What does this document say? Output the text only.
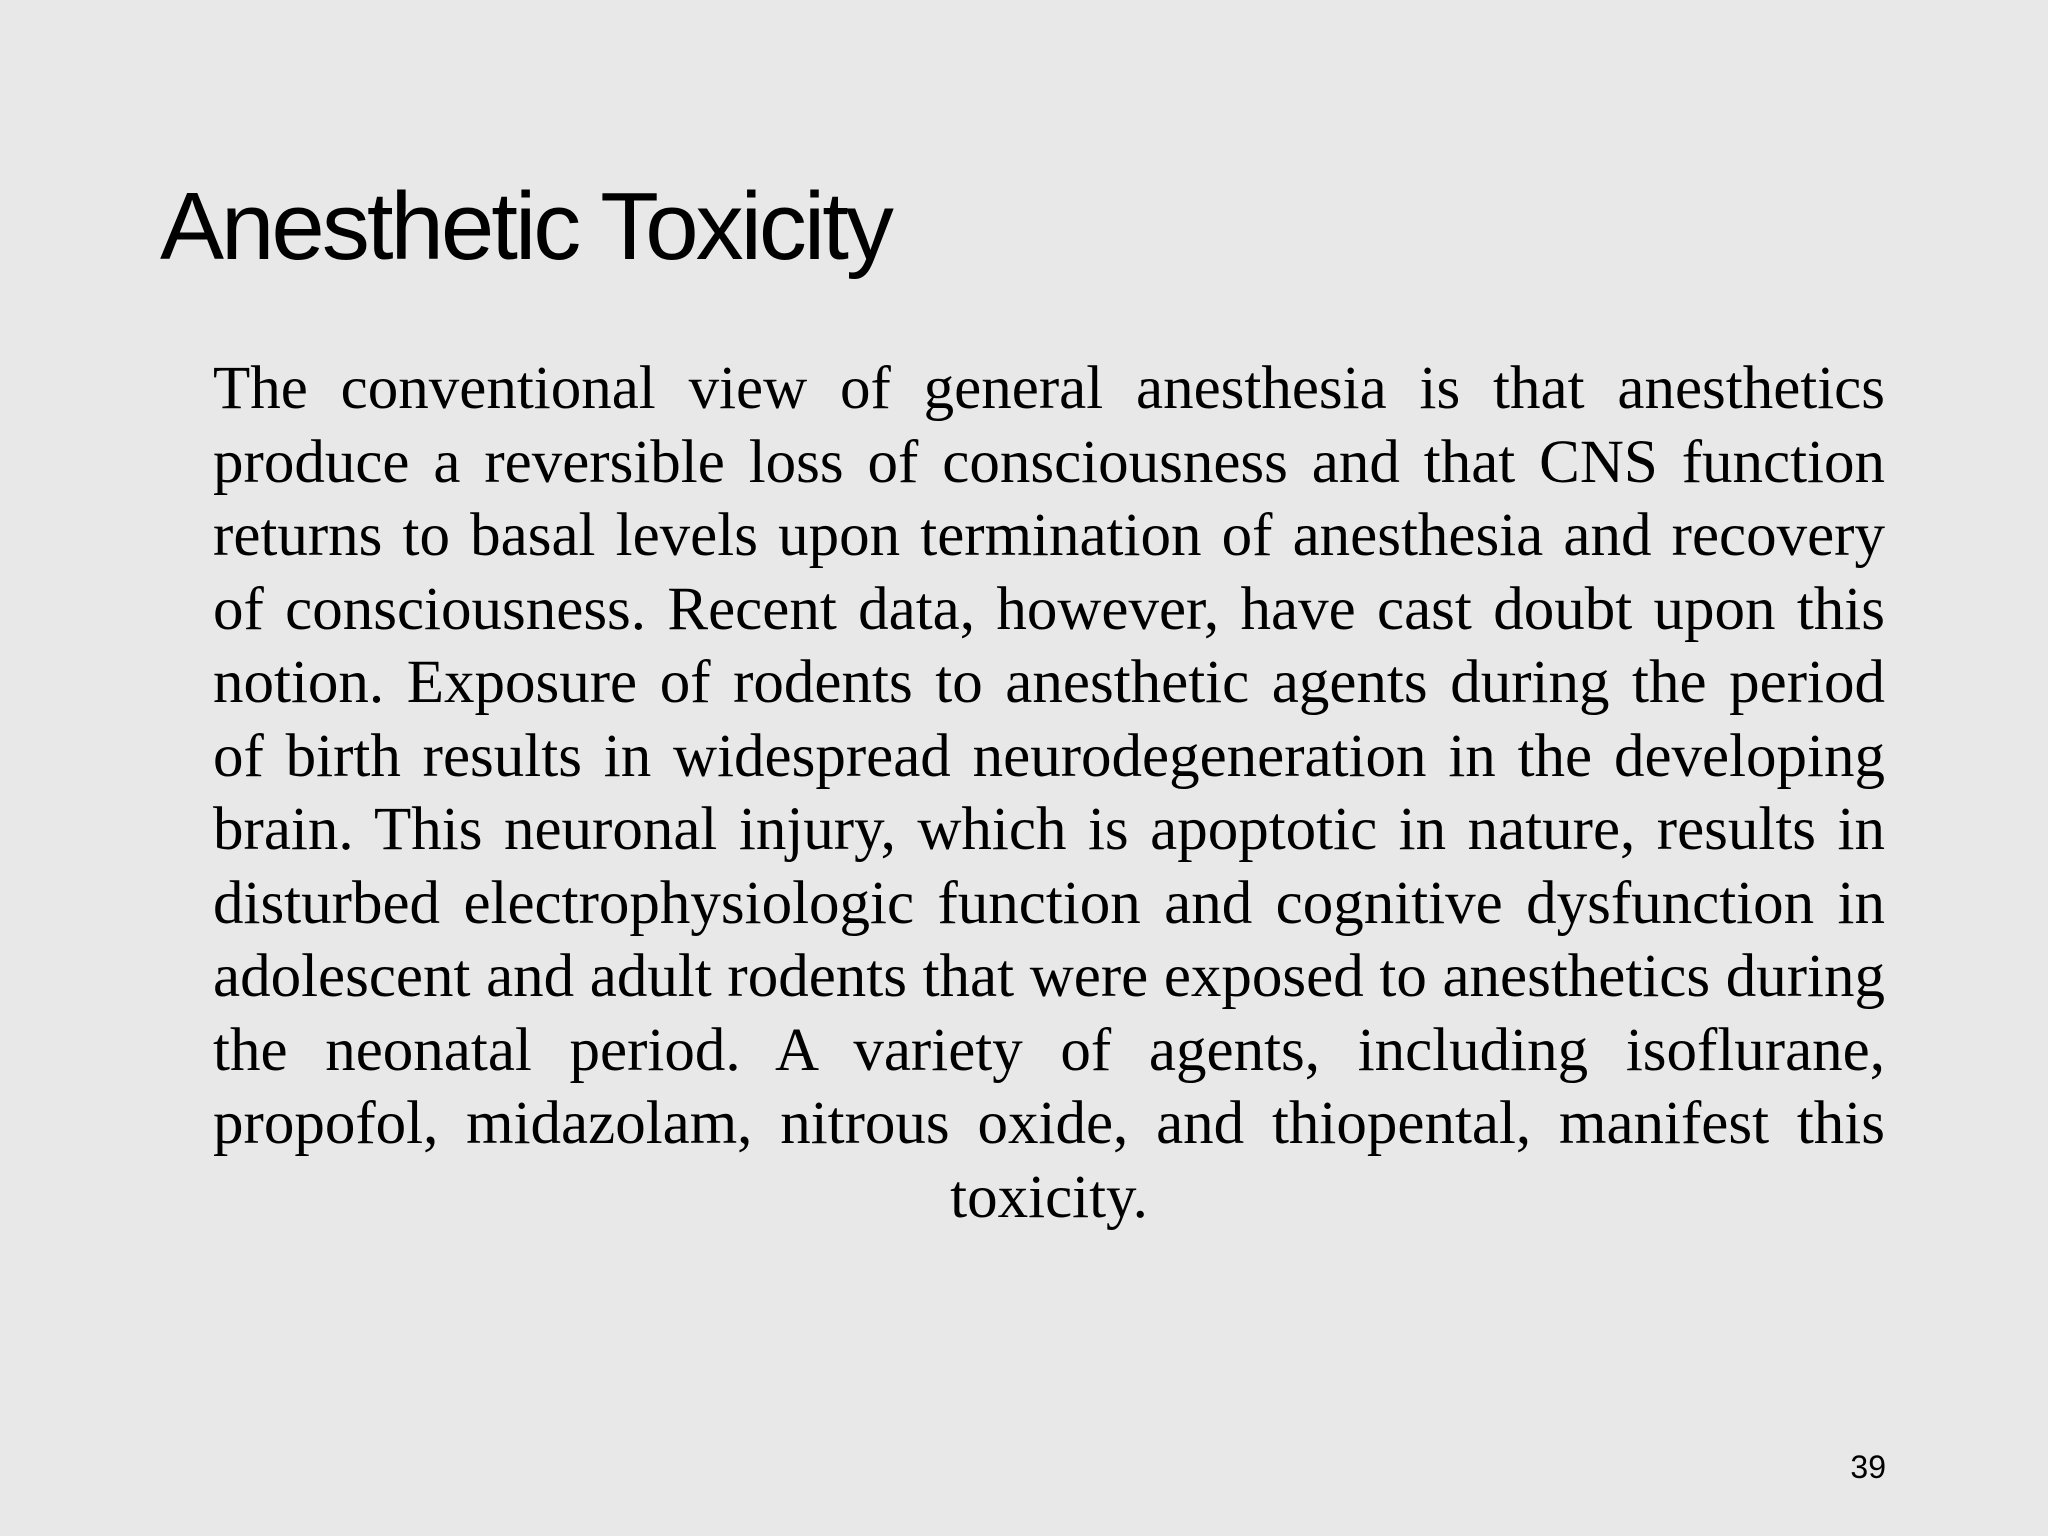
Anesthetic Toxicity

The conventional view of general anesthesia is that anesthetics produce a reversible loss of consciousness and that CNS function returns to basal levels upon termination of anesthesia and recovery of consciousness. Recent data, however, have cast doubt upon this notion. Exposure of rodents to anesthetic agents during the period of birth results in widespread neurodegeneration in the developing brain. This neuronal injury, which is apoptotic in nature, results in disturbed electrophysiologic function and cognitive dysfunction in adolescent and adult rodents that were exposed to anesthetics during the neonatal period. A variety of agents, including isoflurane, propofol, midazolam, nitrous oxide, and thiopental, manifest this toxicity.

39
